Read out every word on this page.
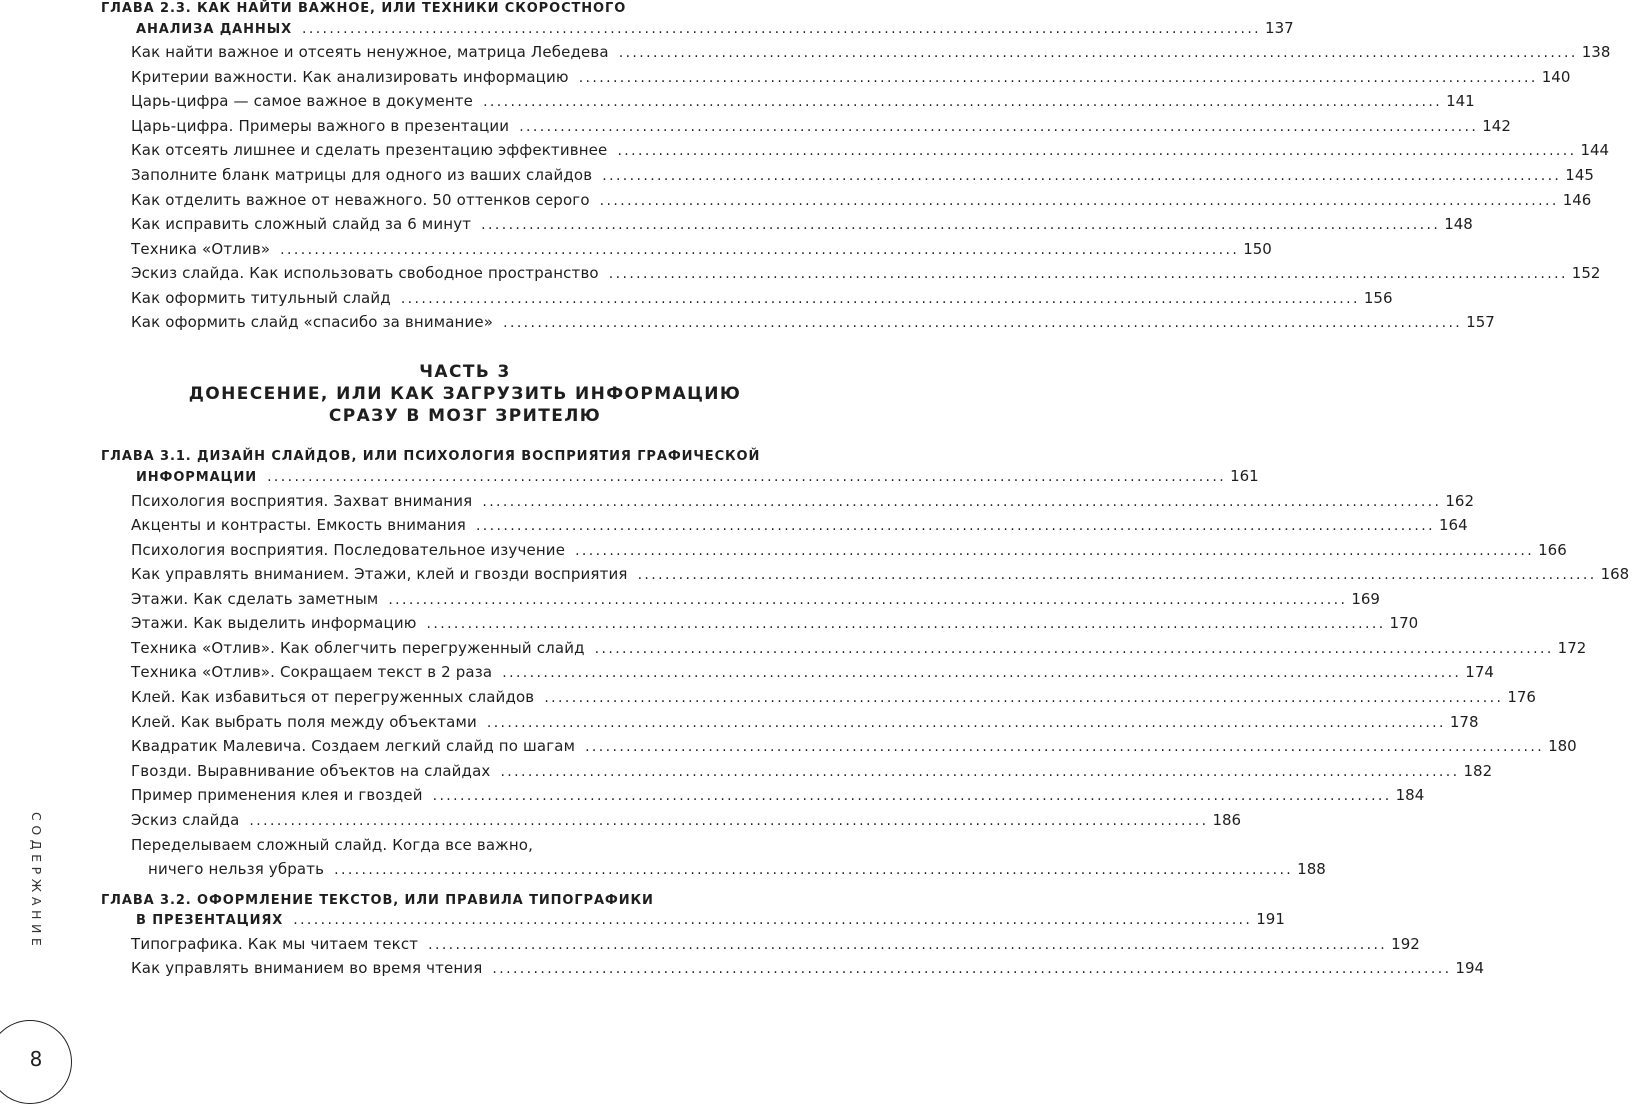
ГЛАВА 2.3. КАК НАЙТИ ВАЖНОЕ, ИЛИ ТЕХНИКИ СКОРОСТНОГО
АНАЛИЗА ДАННЫХ ............................................................................................................................................ 137
Как найти важное и отсеять ненужное, матрица Лебедева ............................................................................................................................................ 138
Критерии важности. Как анализировать информацию ............................................................................................................................................ 140
Царь-цифра — самое важное в документе ............................................................................................................................................ 141
Царь-цифра. Примеры важного в презентации ............................................................................................................................................ 142
Как отсеять лишнее и сделать презентацию эффективнее ............................................................................................................................................ 144
Заполните бланк матрицы для одного из ваших слайдов ............................................................................................................................................ 145
Как отделить важное от неважного. 50 оттенков серого ............................................................................................................................................ 146
Как исправить сложный слайд за 6 минут ............................................................................................................................................ 148
Техника «Отлив» ............................................................................................................................................ 150
Эскиз слайда. Как использовать свободное пространство ............................................................................................................................................ 152
Как оформить титульный слайд ............................................................................................................................................ 156
Как оформить слайд «спасибо за внимание» ............................................................................................................................................ 157
ЧАСТЬ 3
ДОНЕСЕНИЕ, ИЛИ КАК ЗАГРУЗИТЬ ИНФОРМАЦИЮ
СРАЗУ В МОЗГ ЗРИТЕЛЮ
ГЛАВА 3.1. ДИЗАЙН СЛАЙДОВ, ИЛИ ПСИХОЛОГИЯ ВОСПРИЯТИЯ ГРАФИЧЕСКОЙ
ИНФОРМАЦИИ ............................................................................................................................................ 161
Психология восприятия. Захват внимания ............................................................................................................................................ 162
Акценты и контрасты. Емкость внимания ............................................................................................................................................ 164
Психология восприятия. Последовательное изучение ............................................................................................................................................ 166
Как управлять вниманием. Этажи, клей и гвозди восприятия ............................................................................................................................................ 168
Этажи. Как сделать заметным ............................................................................................................................................ 169
Этажи. Как выделить информацию ............................................................................................................................................ 170
Техника «Отлив». Как облегчить перегруженный слайд ............................................................................................................................................ 172
Техника «Отлив». Сокращаем текст в 2 раза ............................................................................................................................................ 174
Клей. Как избавиться от перегруженных слайдов ............................................................................................................................................ 176
Клей. Как выбрать поля между объектами ............................................................................................................................................ 178
Квадратик Малевича. Создаем легкий слайд по шагам ............................................................................................................................................ 180
Гвозди. Выравнивание объектов на слайдах ............................................................................................................................................ 182
Пример применения клея и гвоздей ............................................................................................................................................ 184
Эскиз слайда ............................................................................................................................................ 186
Переделываем сложный слайд. Когда все важно,
ничего нельзя убрать ............................................................................................................................................ 188
ГЛАВА 3.2. ОФОРМЛЕНИЕ ТЕКСТОВ, ИЛИ ПРАВИЛА ТИПОГРАФИКИ
В ПРЕЗЕНТАЦИЯХ ............................................................................................................................................ 191
Типографика. Как мы читаем текст ............................................................................................................................................ 192
Как управлять вниманием во время чтения ............................................................................................................................................ 194
СОДЕРЖАНИЕ
8
